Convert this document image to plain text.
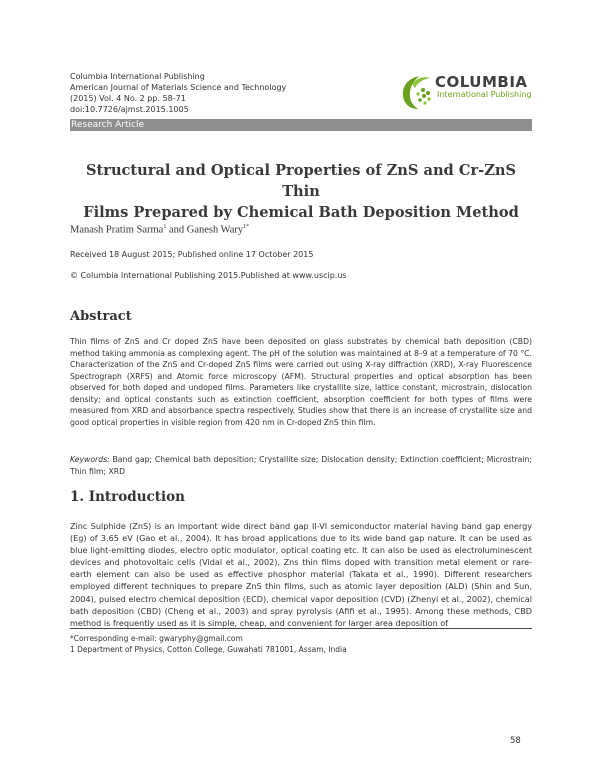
Columbia International Publishing
American Journal of Materials Science and Technology
(2015) Vol. 4 No. 2 pp. 58-71
doi:10.7726/ajmst.2015.1005
COLUMBIA
International Publishing
Research Article
Structural and Optical Properties of ZnS and Cr-ZnS Thin
Films Prepared by Chemical Bath Deposition Method
Manash Pratim Sarma$^1$ and Ganesh Wary$^{1*}$
Received 18 August 2015; Published online 17 October 2015
© Columbia International Publishing 2015.Published at www.uscip.us
Abstract
Thin films of ZnS and Cr doped ZnS have been deposited on glass substrates by chemical bath deposition (CBD) method taking ammonia as complexing agent. The pH of the solution was maintained at 8–9 at a temperature of 70 °C. Characterization of the ZnS and Cr-doped ZnS films were carried out using X-ray diffraction (XRD), X-ray Fluorescence Spectrograph (XRFS) and Atomic force microscopy (AFM). Structural properties and optical absorption has been observed for both doped and undoped films. Parameters like crystallite size, lattice constant, microstrain, dislocation density; and optical constants such as extinction coefficient, absorption coefficient for both types of films were measured from XRD and absorbance spectra respectively. Studies show that there is an increase of crystallite size and good optical properties in visible region from 420 nm in Cr-doped ZnS thin film.
Keywords: Band gap; Chemical bath deposition; Crystallite size; Dislocation density; Extinction coefficient; Microstrain; Thin film; XRD
1. Introduction
Zinc Sulphide (ZnS) is an important wide direct band gap II-VI semiconductor material having band gap energy (Eg) of 3.65 eV (Gao et al., 2004). It has broad applications due to its wide band gap nature. It can be used as blue light-emitting diodes, electro optic modulator, optical coating etc. It can also be used as electroluminescent devices and photovoltaic cells (Vidal et al., 2002). Zns thin films doped with transition metal element or rare-earth element can also be used as effective phosphor material (Takata et al., 1990). Different researchers employed different techniques to prepare ZnS thin films, such as atomic layer deposition (ALD) (Shin and Sun, 2004), pulsed electro chemical deposition (ECD), chemical vapor deposition (CVD) (Zhenyi et al., 2002), chemical bath deposition (CBD) (Cheng et al., 2003) and spray pyrolysis (Afifi et al., 1995). Among these methods, CBD method is frequently used as it is simple, cheap, and convenient for larger area deposition of
*Corresponding e-mail: gwaryphy@gmail.com
1 Department of Physics, Cotton College, Guwahati 781001, Assam, India
58
